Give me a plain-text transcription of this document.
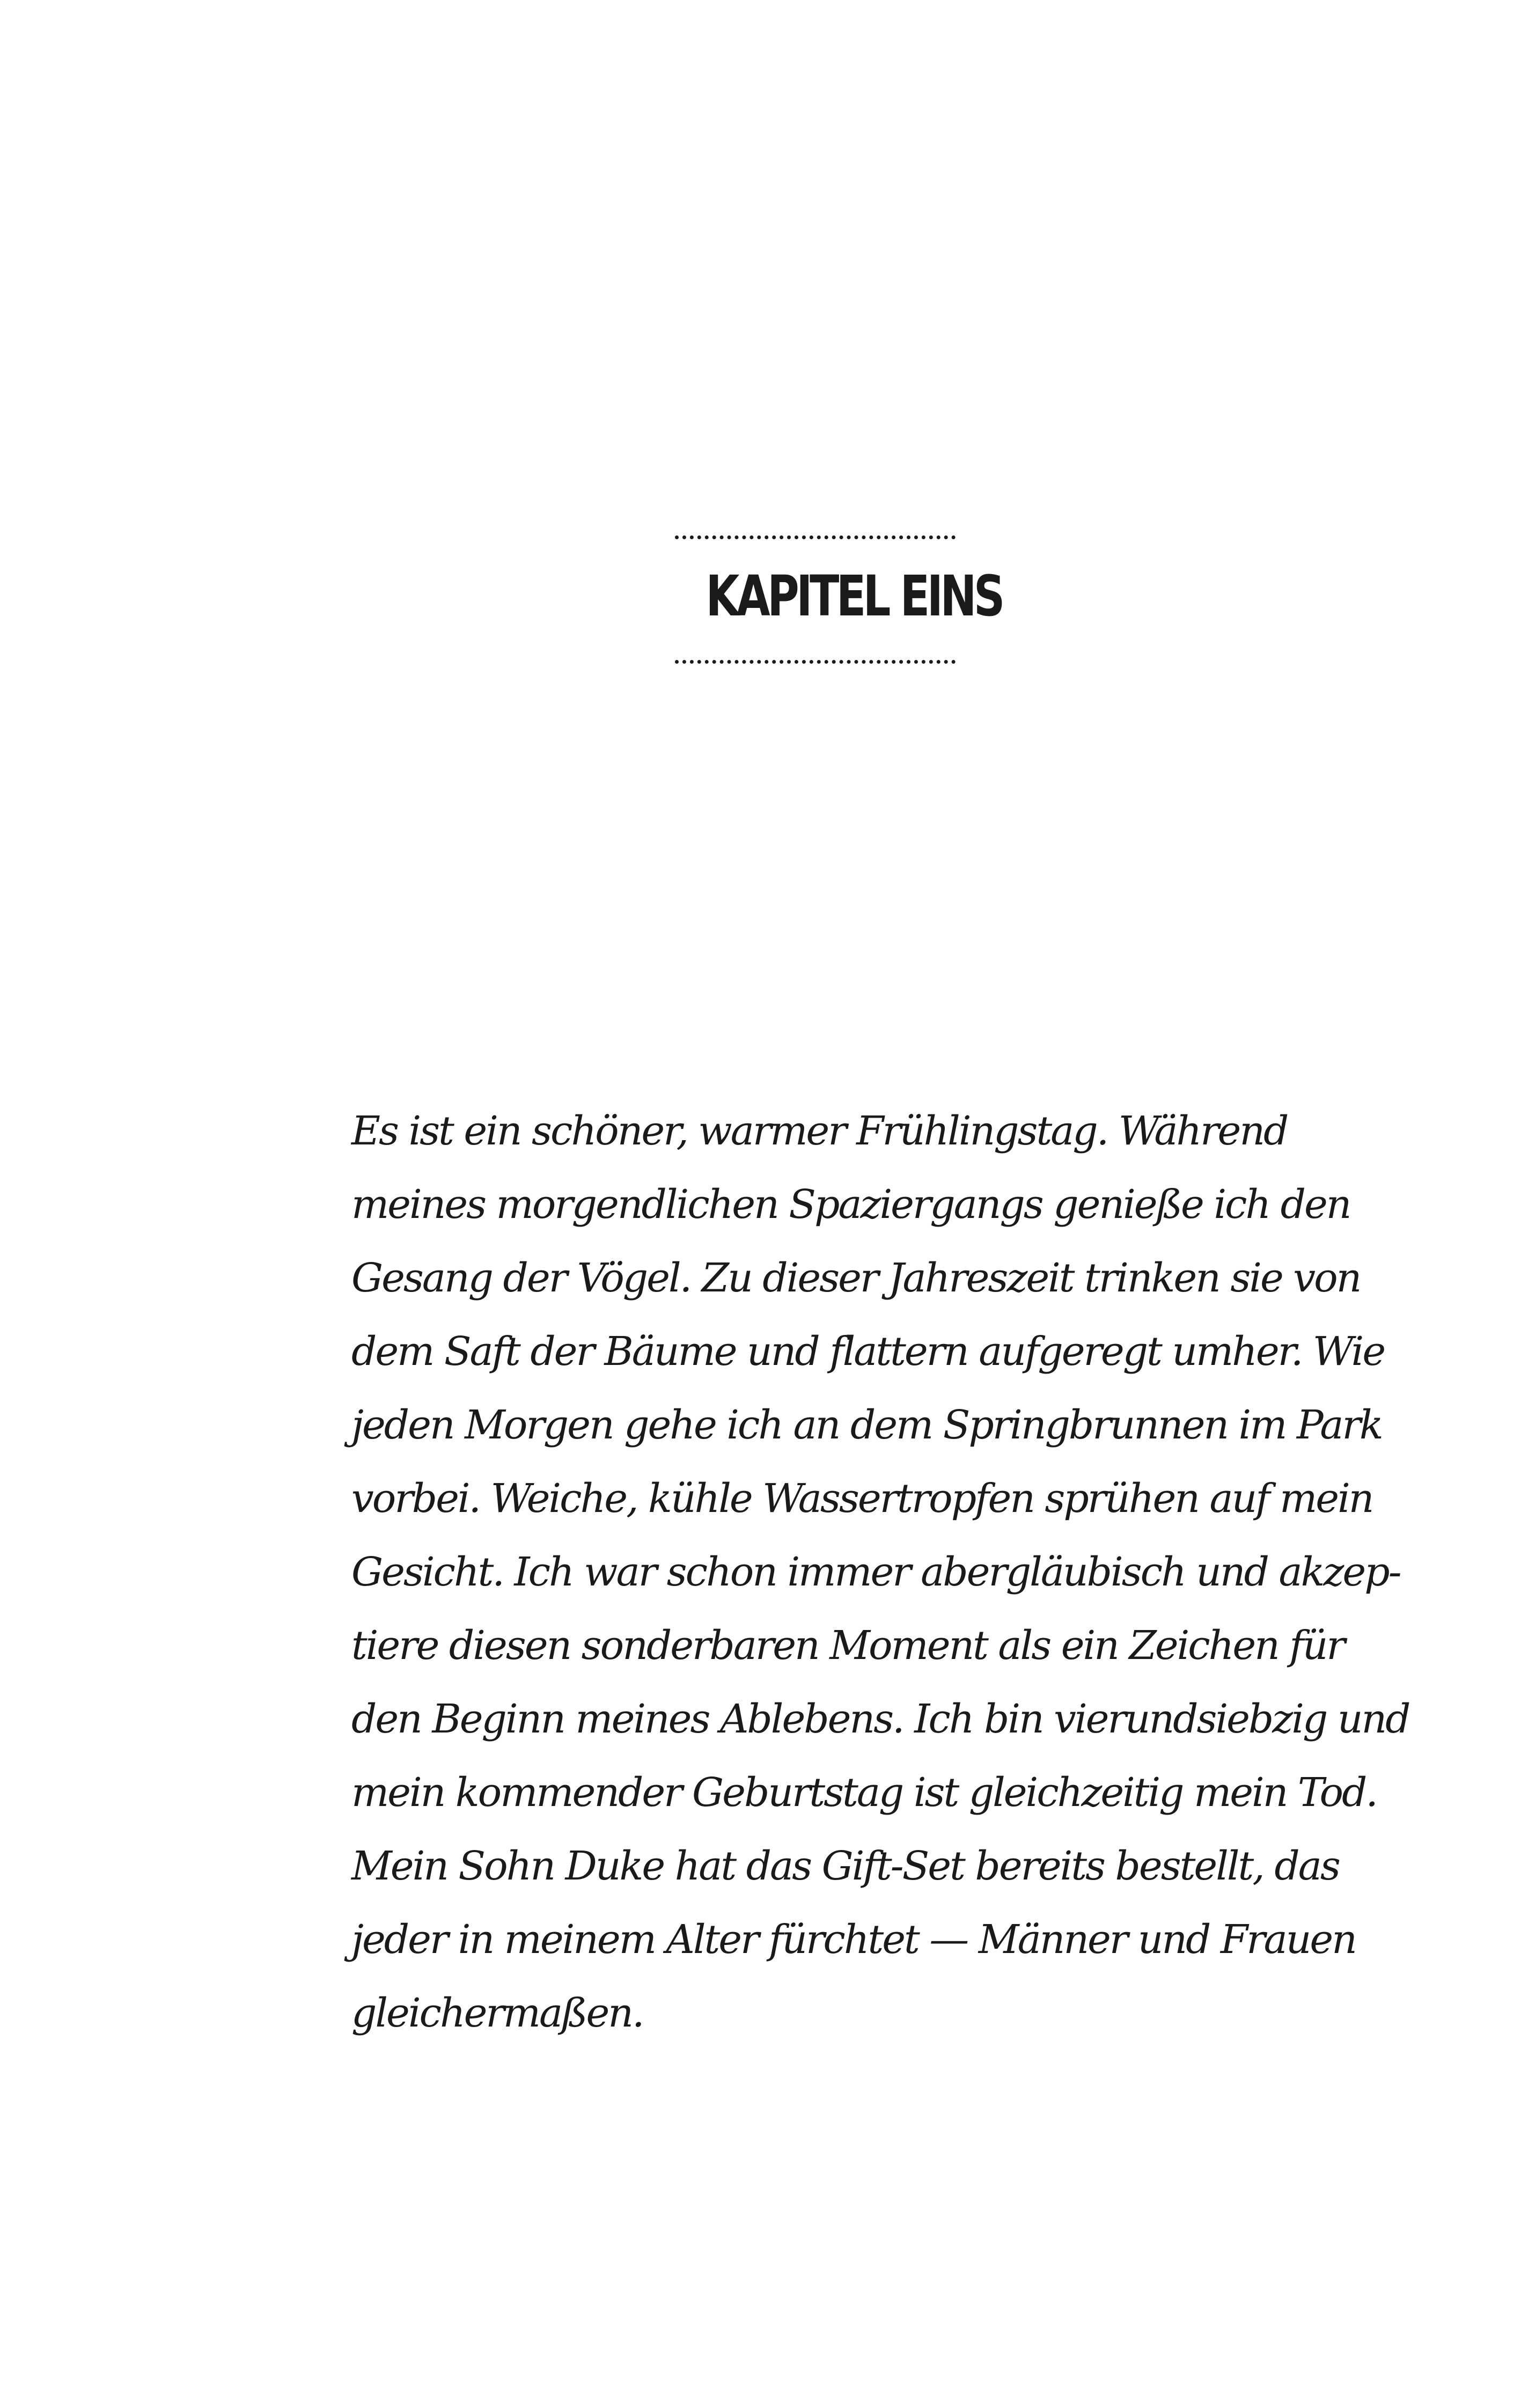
KAPITEL EINS
Es ist ein schöner, warmer Frühlingstag. Während
meines morgendlichen Spaziergangs genieße ich den
Gesang der Vögel. Zu dieser Jahreszeit trinken sie von
dem Saft der Bäume und flattern aufgeregt umher. Wie
jeden Morgen gehe ich an dem Springbrunnen im Park
vorbei. Weiche, kühle Wassertropfen sprühen auf mein
Gesicht. Ich war schon immer abergläubisch und akzep-
tiere diesen sonderbaren Moment als ein Zeichen für
den Beginn meines Ablebens. Ich bin vierundsiebzig und
mein kommender Geburtstag ist gleichzeitig mein Tod.
Mein Sohn Duke hat das Gift-Set bereits bestellt, das
jeder in meinem Alter fürchtet — Männer und Frauen
gleichermaßen.
